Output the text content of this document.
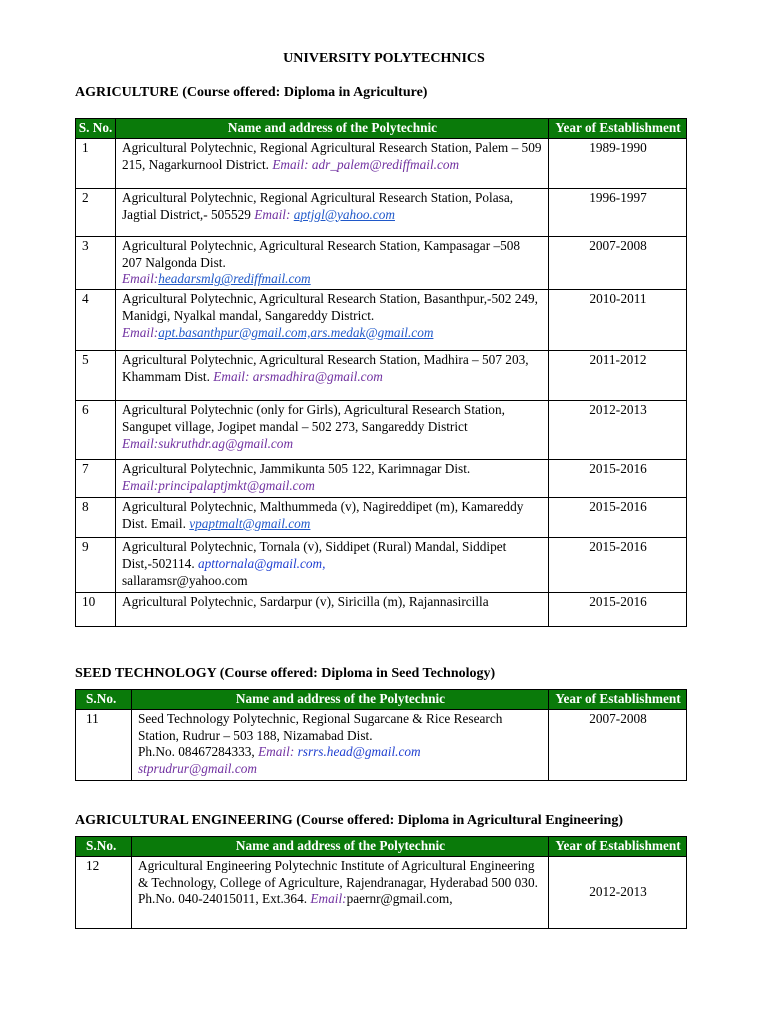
UNIVERSITY POLYTECHNICS
AGRICULTURE (Course offered: Diploma in Agriculture)
S. No.	Name and address of the Polytechnic	Year of Establishment
1	Agricultural Polytechnic, Regional Agricultural Research Station, Palem – 509 215, Nagarkurnool District. Email: adr_palem@rediffmail.com	1989-1990
2	Agricultural Polytechnic, Regional Agricultural Research Station, Polasa, Jagtial District,- 505529 Email: aptjgl@yahoo.com	1996-1997
3	Agricultural Polytechnic, Agricultural Research Station, Kampasagar –508 207 Nalgonda Dist.
Email:headarsmlg@rediffmail.com	2007-2008
4	Agricultural Polytechnic, Agricultural Research Station, Basanthpur,-502 249, Manidgi, Nyalkal mandal, Sangareddy District. Email:apt.basanthpur@gmail.com,ars.medak@gmail.com	2010-2011
5	Agricultural Polytechnic, Agricultural Research Station, Madhira – 507 203, Khammam Dist. Email: arsmadhira@gmail.com	2011-2012
6	Agricultural Polytechnic (only for Girls), Agricultural Research Station, Sangupet village, Jogipet mandal – 502 273, Sangareddy District Email:sukruthdr.ag@gmail.com	2012-2013
7	Agricultural Polytechnic, Jammikunta 505 122, Karimnagar Dist.
Email:principalaptjmkt@gmail.com	2015-2016
8	Agricultural Polytechnic, Malthummeda (v), Nagireddipet (m), Kamareddy Dist. Email. vpaptmalt@gmail.com	2015-2016
9	Agricultural Polytechnic, Tornala (v), Siddipet (Rural) Mandal, Siddipet Dist,-502114. apttornala@gmail.com,
sallaramsr@yahoo.com	2015-2016
10	Agricultural Polytechnic, Sardarpur (v), Siricilla (m), Rajannasircilla	2015-2016
SEED TECHNOLOGY (Course offered: Diploma in Seed Technology)
S.No.	Name and address of the Polytechnic	Year of Establishment
11	Seed Technology Polytechnic, Regional Sugarcane & Rice Research Station, Rudrur – 503 188, Nizamabad Dist.
Ph.No. 08467284333, Email: rsrrs.head@gmail.com
stprudrur@gmail.com	2007-2008
AGRICULTURAL ENGINEERING (Course offered: Diploma in Agricultural Engineering)
S.No.	Name and address of the Polytechnic	Year of Establishment
12	Agricultural Engineering Polytechnic Institute of Agricultural Engineering & Technology, College of Agriculture, Rajendranagar, Hyderabad 500 030. Ph.No. 040-24015011, Ext.364. Email:paernr@gmail.com,	2012-2013
